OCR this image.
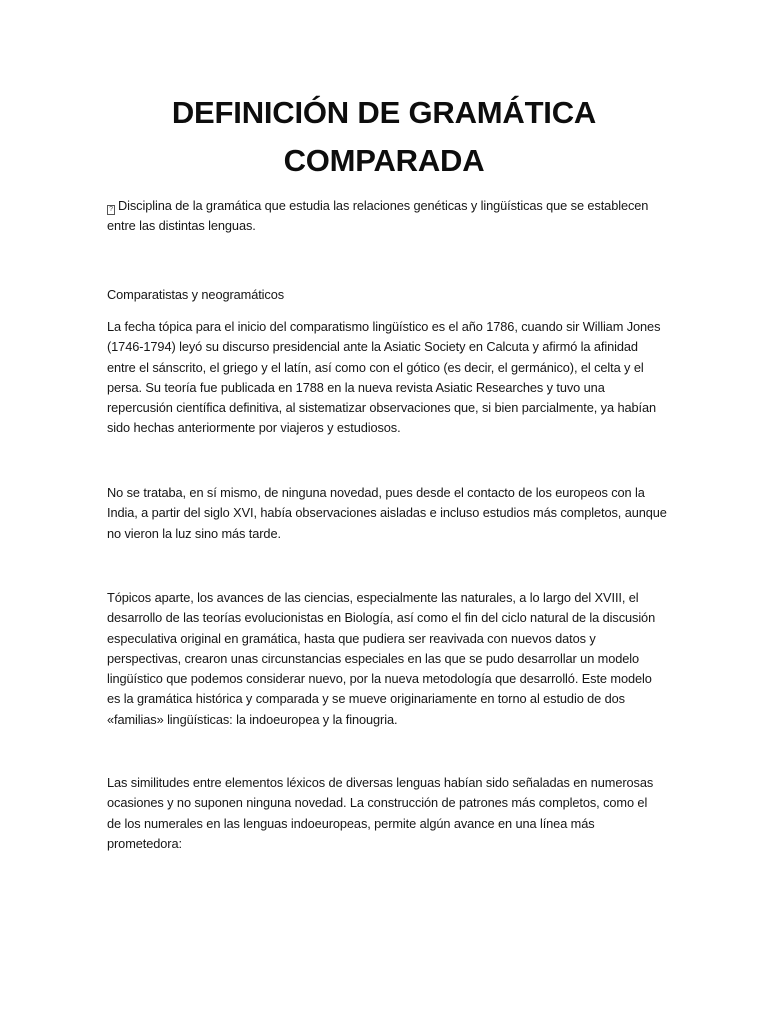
DEFINICIÓN DE GRAMÁTICA
COMPARADA
? Disciplina de la gramática que estudia las relaciones genéticas y lingüísticas que se establecen
entre las distintas lenguas.
Comparatistas y neogramáticos
La fecha tópica para el inicio del comparatismo lingüístico es el año 1786, cuando sir William Jones
(1746-1794) leyó su discurso presidencial ante la Asiatic Society en Calcuta y afirmó la afinidad
entre el sánscrito, el griego y el latín, así como con el gótico (es decir, el germánico), el celta y el
persa. Su teoría fue publicada en 1788 en la nueva revista Asiatic Researches y tuvo una
repercusión científica definitiva, al sistematizar observaciones que, si bien parcialmente, ya habían
sido hechas anteriormente por viajeros y estudiosos.
No se trataba, en sí mismo, de ninguna novedad, pues desde el contacto de los europeos con la
India, a partir del siglo XVI, había observaciones aisladas e incluso estudios más completos, aunque
no vieron la luz sino más tarde.
Tópicos aparte, los avances de las ciencias, especialmente las naturales, a lo largo del XVIII, el
desarrollo de las teorías evolucionistas en Biología, así como el fin del ciclo natural de la discusión
especulativa original en gramática, hasta que pudiera ser reavivada con nuevos datos y
perspectivas, crearon unas circunstancias especiales en las que se pudo desarrollar un modelo
lingüístico que podemos considerar nuevo, por la nueva metodología que desarrolló. Este modelo
es la gramática histórica y comparada y se mueve originariamente en torno al estudio de dos
«familias» lingüísticas: la indoeuropea y la finougria.
Las similitudes entre elementos léxicos de diversas lenguas habían sido señaladas en numerosas
ocasiones y no suponen ninguna novedad. La construcción de patrones más completos, como el
de los numerales en las lenguas indoeuropeas, permite algún avance en una línea más
prometedora:
